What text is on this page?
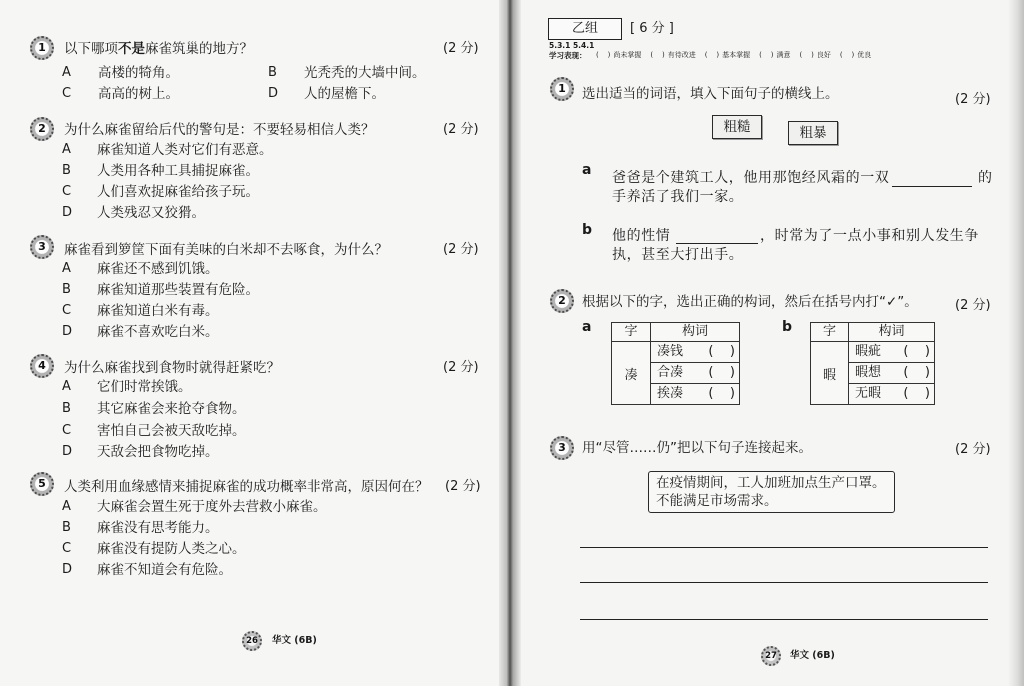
1	以下哪项不是麻雀筑巢的地方？	(2 分)
A 高楼的犄角。	B 光秃秃的大墙中间。
C 高高的树上。	D 人的屋檐下。
2	为什么麻雀留给后代的警句是：不要轻易相信人类？	(2 分)
A 麻雀知道人类对它们有恶意。
B 人类用各种工具捕捉麻雀。
C 人们喜欢捉麻雀给孩子玩。
D 人类残忍又狡猾。
3	麻雀看到箩筐下面有美味的白米却不去啄食，为什么？	(2 分)
A 麻雀还不感到饥饿。
B 麻雀知道那些装置有危险。
C 麻雀知道白米有毒。
D 麻雀不喜欢吃白米。
4	为什么麻雀找到食物时就得赶紧吃？	(2 分)
A 它们时常挨饿。
B 其它麻雀会来抢夺食物。
C 害怕自己会被天敌吃掉。
D 天敌会把食物吃掉。
5	人类利用血缘感情来捕捉麻雀的成功概率非常高，原因何在？ (2 分)
A 大麻雀会置生死于度外去营救小麻雀。
B 麻雀没有思考能力。
C 麻雀没有提防人类之心。
D 麻雀不知道会有危险。
26	华文 (6B)
乙组	[ 6 分 ]
5.3.1 5.4.1
学习表现： (    ) 尚未掌握 (    ) 有待改进 (    ) 基本掌握 (    ) 满意 (    ) 良好 (    ) 优良
1	选出适当的词语，填入下面句子的横线上。	(2 分)
粗糙	粗暴
a 爸爸是个建筑工人，他用那饱经风霜的一双	的
手养活了我们一家。
b 他的性情	，时常为了一点小事和别人发生争
执，甚至大打出手。
2	根据以下的字，选出正确的构词，然后在括号内打“✓”。	(2 分)
a	字	构词
凑	凑钱 (    )

	合凑 (    )

	挨凑 (    )
b 字	构词
暇	暇疵 (    )

	暇想 (    )

	无暇 (    )
3	用“尽管……仍”把以下句子连接起来。	(2 分)
在疫情期间，工人加班加点生产口罩。
不能满足市场需求。
27	华文 (6B)
